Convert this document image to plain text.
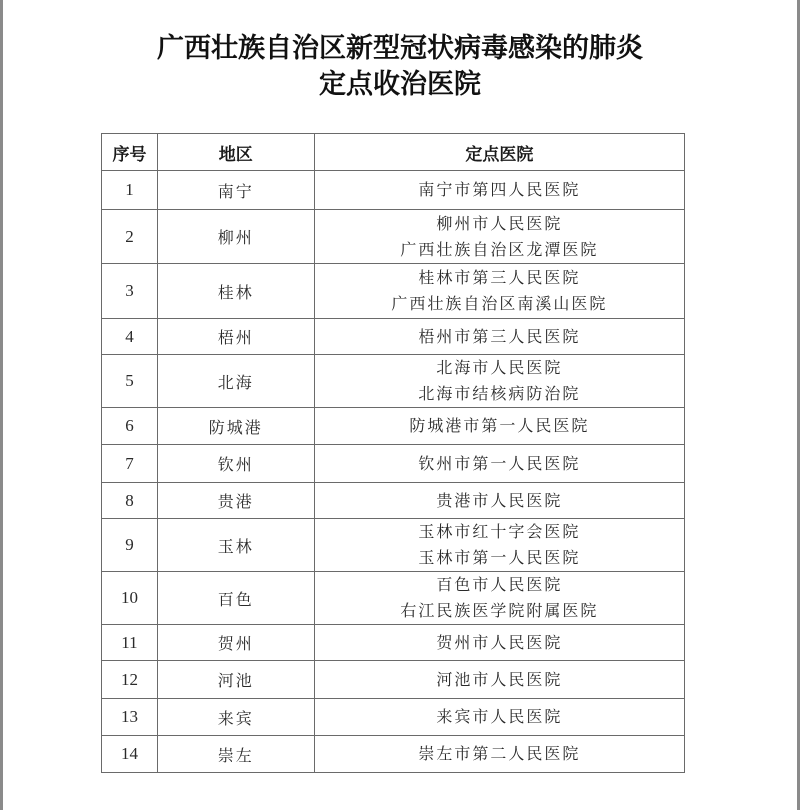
广西壮族自治区新型冠状病毒感染的肺炎
定点收治医院
序号	地区	定点医院
1	南宁	南宁市第四人民医院

2	柳州	柳州市人民医院
广西壮族自治区龙潭医院

3	桂林	桂林市第三人民医院
广西壮族自治区南溪山医院

4	梧州	梧州市第三人民医院

5	北海	北海市人民医院
北海市结核病防治院

6	防城港	防城港市第一人民医院

7	钦州	钦州市第一人民医院

8	贵港	贵港市人民医院

9	玉林	玉林市红十字会医院
玉林市第一人民医院

10	百色	百色市人民医院
右江民族医学院附属医院

11	贺州	贺州市人民医院

12	河池	河池市人民医院

13	来宾	来宾市人民医院

14	崇左	崇左市第二人民医院
